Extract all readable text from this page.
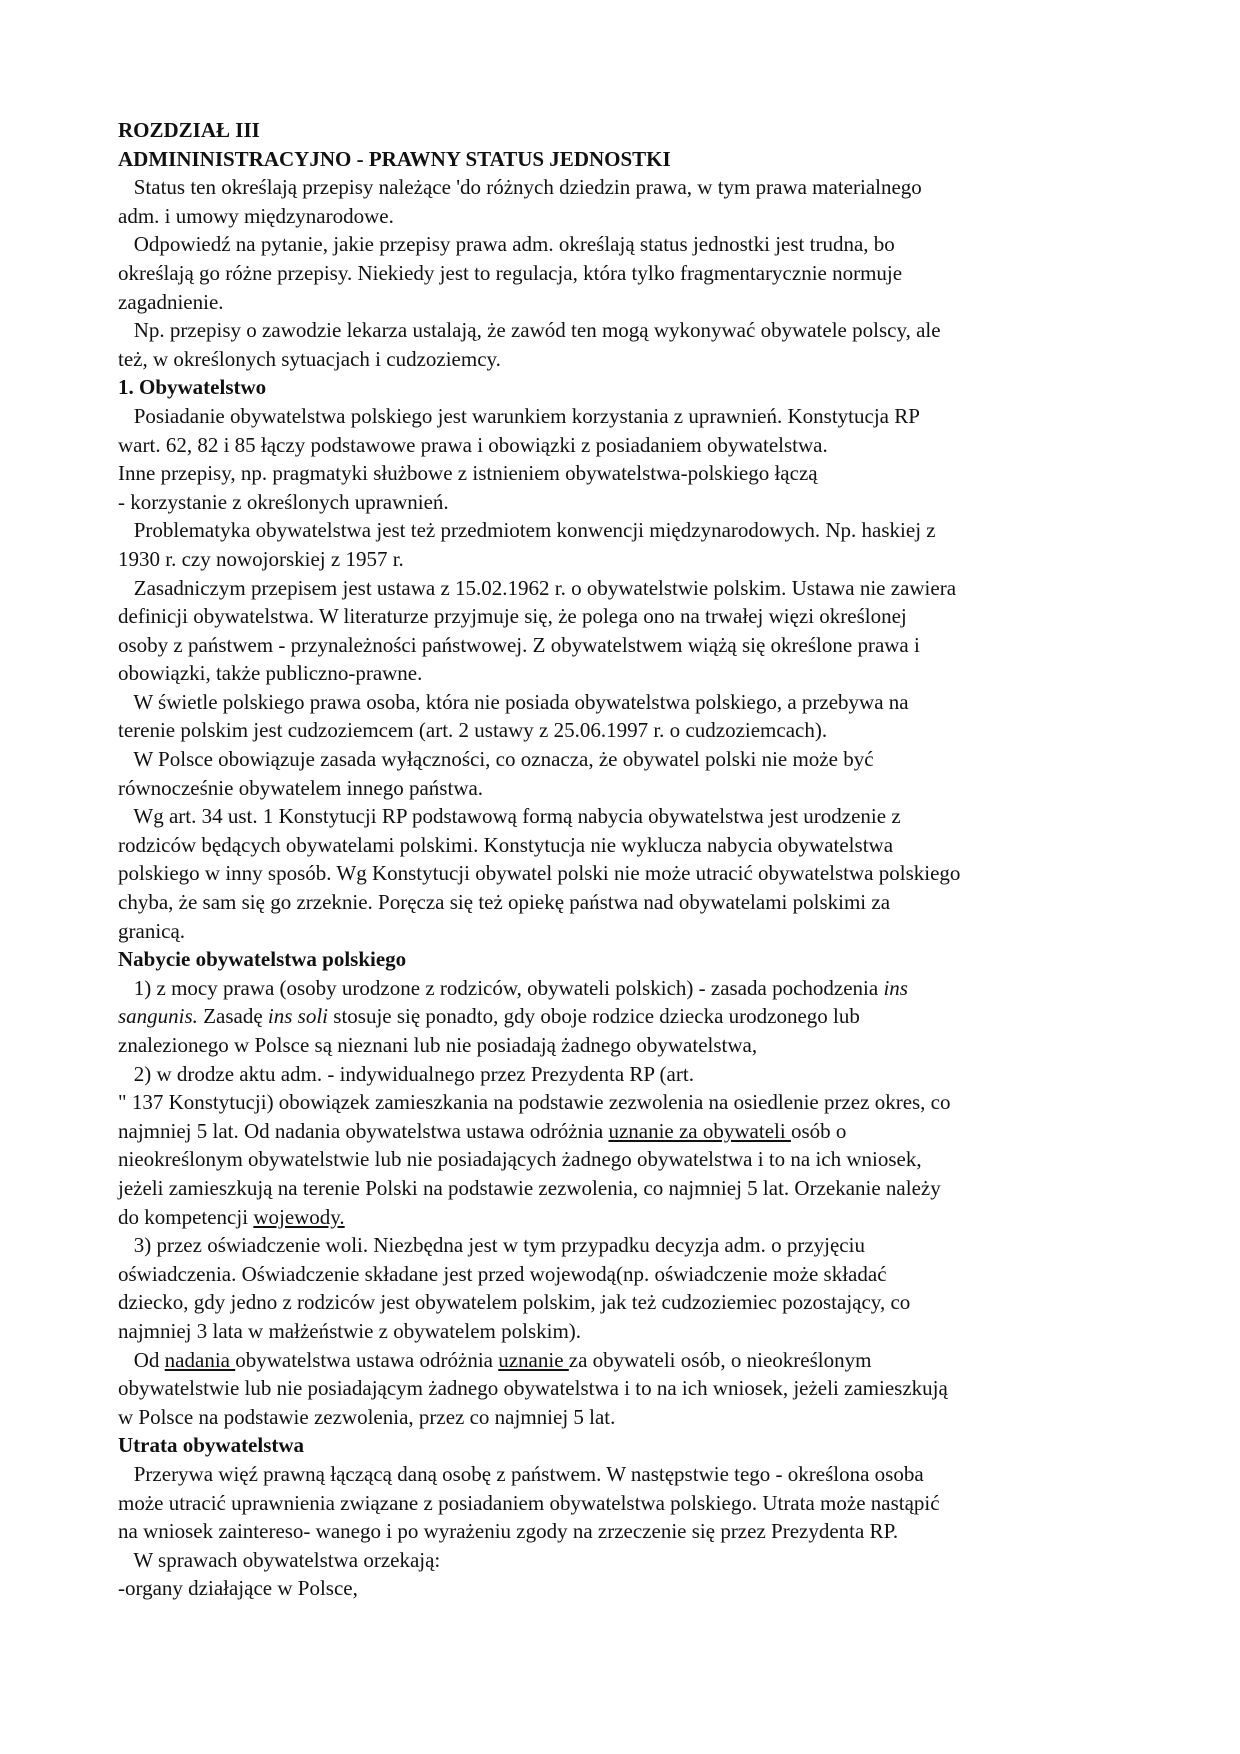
ROZDZIAŁ III
ADMININISTRACYJNO - PRAWNY STATUS JEDNOSTKI
Status ten określają przepisy należące 'do różnych dziedzin prawa, w tym prawa materialnego
adm. i umowy międzynarodowe.
Odpowiedź na pytanie, jakie przepisy prawa adm. określają status jednostki jest trudna, bo
określają go różne przepisy. Niekiedy jest to regulacja, która tylko fragmentarycznie normuje
zagadnienie.
Np. przepisy o zawodzie lekarza ustalają, że zawód ten mogą wykonywać obywatele polscy, ale
też, w określonych sytuacjach i cudzoziemcy.
1. Obywatelstwo
Posiadanie obywatelstwa polskiego jest warunkiem korzystania z uprawnień. Konstytucja RP
wart. 62, 82 i 85 łączy podstawowe prawa i obowiązki z posiadaniem obywatelstwa.
Inne przepisy, np. pragmatyki służbowe z istnieniem obywatelstwa-polskiego łączą
- korzystanie z określonych uprawnień.
Problematyka obywatelstwa jest też przedmiotem konwencji międzynarodowych. Np. haskiej z
1930 r. czy nowojorskiej z 1957 r.
Zasadniczym przepisem jest ustawa z 15.02.1962 r. o obywatelstwie polskim. Ustawa nie zawiera
definicji obywatelstwa. W literaturze przyjmuje się, że polega ono na trwałej więzi określonej
osoby z państwem - przynależności państwowej. Z obywatelstwem wiążą się określone prawa i
obowiązki, także publiczno-prawne.
W świetle polskiego prawa osoba, która nie posiada obywatelstwa polskiego, a przebywa na
terenie polskim jest cudzoziemcem (art. 2 ustawy z 25.06.1997 r. o cudzoziemcach).
W Polsce obowiązuje zasada wyłączności, co oznacza, że obywatel polski nie może być
równocześnie obywatelem innego państwa.
Wg art. 34 ust. 1 Konstytucji RP podstawową formą nabycia obywatelstwa jest urodzenie z
rodziców będących obywatelami polskimi. Konstytucja nie wyklucza nabycia obywatelstwa
polskiego w inny sposób. Wg Konstytucji obywatel polski nie może utracić obywatelstwa polskiego
chyba, że sam się go zrzeknie. Poręcza się też opiekę państwa nad obywatelami polskimi za
granicą.
Nabycie obywatelstwa polskiego
1) z mocy prawa (osoby urodzone z rodziców, obywateli polskich) - zasada pochodzenia ins
sangunis. Zasadę ins soli stosuje się ponadto, gdy oboje rodzice dziecka urodzonego lub
znalezionego w Polsce są nieznani lub nie posiadają żadnego obywatelstwa,
2) w drodze aktu adm. - indywidualnego przez Prezydenta RP (art.
" 137 Konstytucji) obowiązek zamieszkania na podstawie zezwolenia na osiedlenie przez okres, co
najmniej 5 lat. Od nadania obywatelstwa ustawa odróżnia uznanie za obywateli osób o
nieokreślonym obywatelstwie lub nie posiadających żadnego obywatelstwa i to na ich wniosek,
jeżeli zamieszkują na terenie Polski na podstawie zezwolenia, co najmniej 5 lat. Orzekanie należy
do kompetencji wojewody.
3) przez oświadczenie woli. Niezbędna jest w tym przypadku decyzja adm. o przyjęciu
oświadczenia. Oświadczenie składane jest przed wojewodą(np. oświadczenie może składać
dziecko, gdy jedno z rodziców jest obywatelem polskim, jak też cudzoziemiec pozostający, co
najmniej 3 lata w małżeństwie z obywatelem polskim).
Od nadania obywatelstwa ustawa odróżnia uznanie za obywateli osób, o nieokreślonym
obywatelstwie lub nie posiadającym żadnego obywatelstwa i to na ich wniosek, jeżeli zamieszkują
w Polsce na podstawie zezwolenia, przez co najmniej 5 lat.
Utrata obywatelstwa
Przerywa więź prawną łączącą daną osobę z państwem. W następstwie tego - określona osoba
może utracić uprawnienia związane z posiadaniem obywatelstwa polskiego. Utrata może nastąpić
na wniosek zaintereso- wanego i po wyrażeniu zgody na zrzeczenie się przez Prezydenta RP.
W sprawach obywatelstwa orzekają:
-organy działające w Polsce,
